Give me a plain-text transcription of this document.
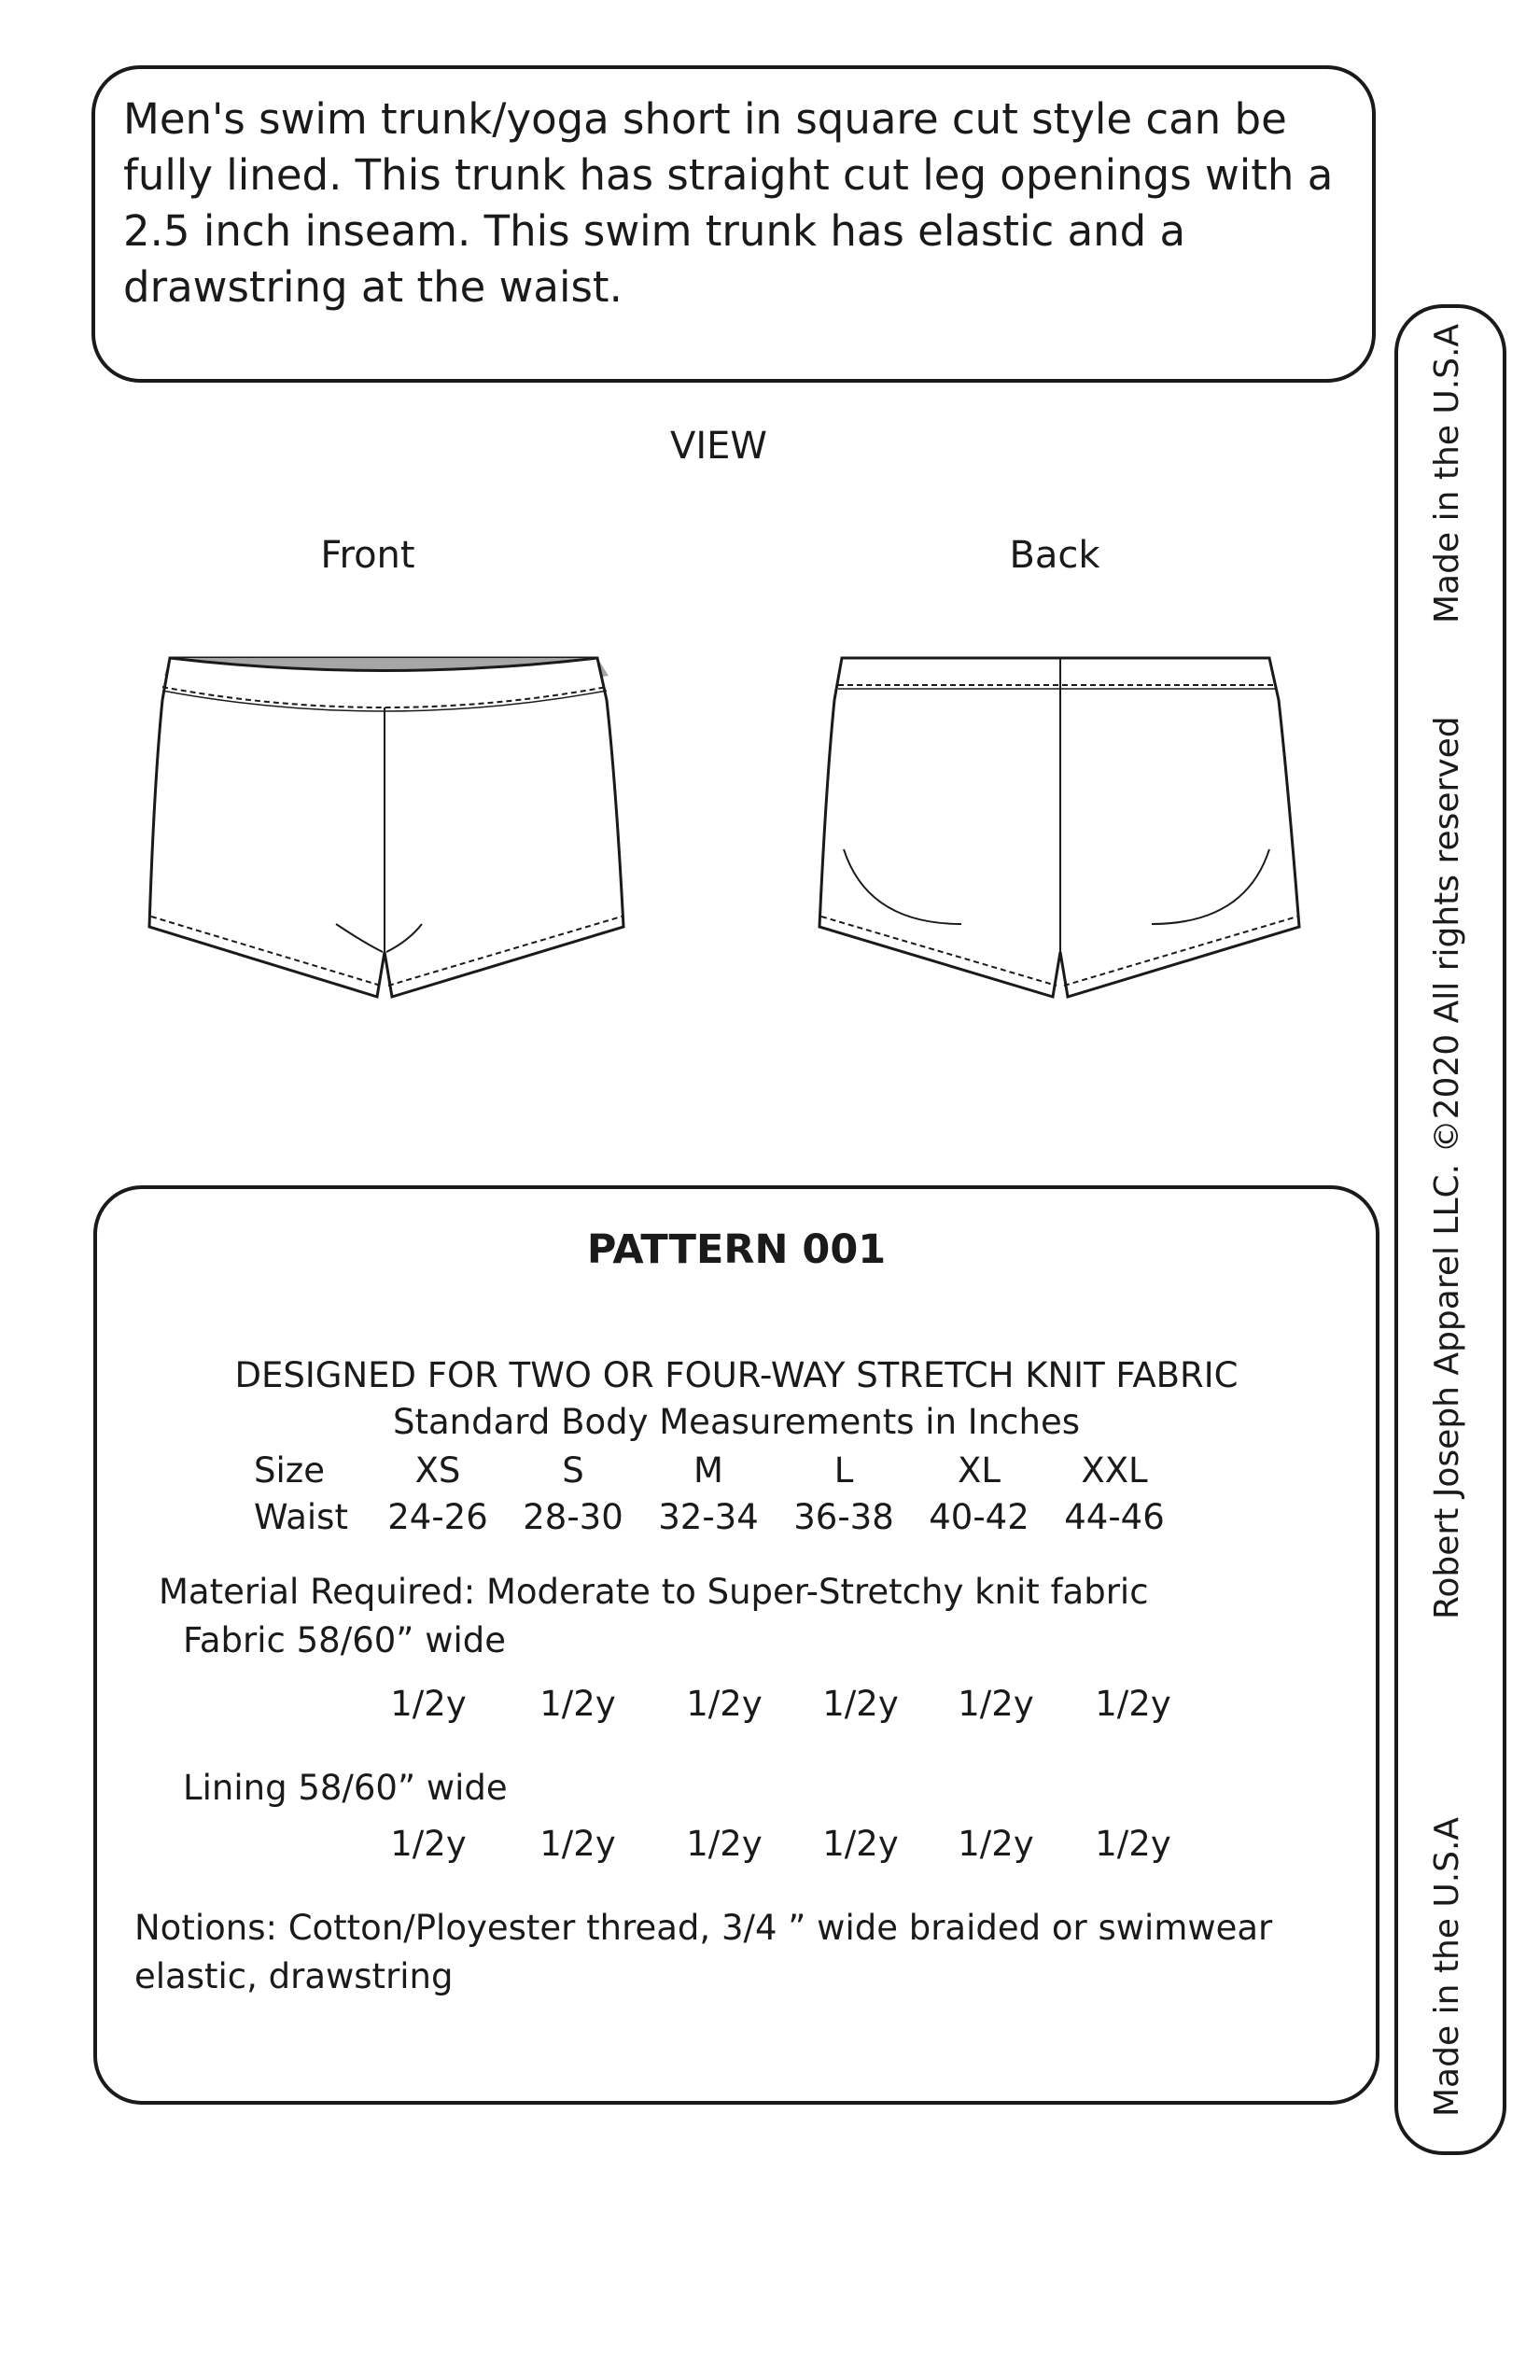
Men's swim trunk/yoga short in square cut style can be fully lined. This trunk has straight cut leg openings with a 2.5 inch inseam. This swim trunk has elastic and a drawstring at the waist.

VIEW
Front	Back
PATTERN 001
DESIGNED FOR TWO OR FOUR-WAY STRETCH KNIT FABRIC
Standard Body Measurements in Inches
Size	XS	S	M	L	XL	XXL
Waist	24-26	28-30	32-34	36-38	40-42	44-46
Material Required: Moderate to Super-Stretchy knit fabric
Fabric 58/60” wide
1/2y	1/2y	1/2y	1/2y	1/2y	1/2y
Lining 58/60” wide
1/2y	1/2y	1/2y	1/2y	1/2y	1/2y

Notions: Cotton/Ployester thread, 3/4 ” wide braided or swimwear elastic, drawstring

Made in the U.S.A
Robert Joseph Apparel LLC. ©2020 All rights reserved
Made in the U.S.A
